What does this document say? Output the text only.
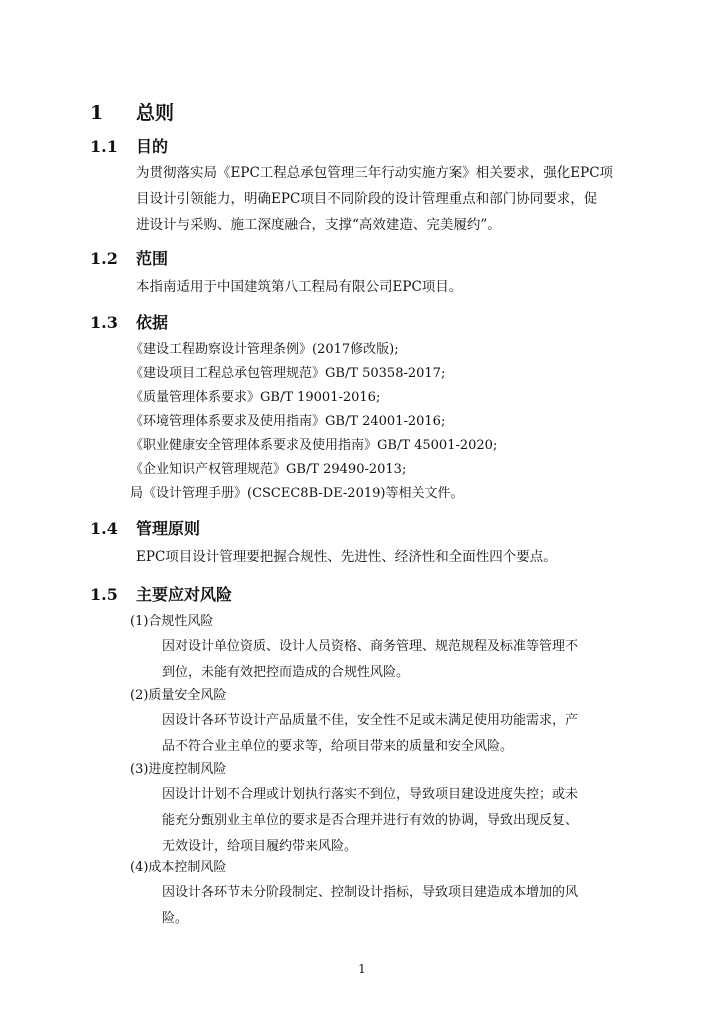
1 总则
1.1 目的
为贯彻落实局《EPC工程总承包管理三年行动实施方案》相关要求，强化EPC项
目设计引领能力，明确EPC项目不同阶段的设计管理重点和部门协同要求，促
进设计与采购、施工深度融合，支撑“高效建造、完美履约”。
1.2 范围
本指南适用于中国建筑第八工程局有限公司EPC项目。
1.3 依据
《建设工程勘察设计管理条例》(2017修改版);
《建设项目工程总承包管理规范》GB/T 50358-2017;
《质量管理体系要求》GB/T 19001-2016;
《环境管理体系要求及使用指南》GB/T 24001-2016;
《职业健康安全管理体系要求及使用指南》GB/T 45001-2020;
《企业知识产权管理规范》GB/T 29490-2013;
局《设计管理手册》(CSCEC8B-DE-2019)等相关文件。
1.4 管理原则
EPC项目设计管理要把握合规性、先进性、经济性和全面性四个要点。
1.5 主要应对风险
(1)合规性风险
因对设计单位资质、设计人员资格、商务管理、规范规程及标准等管理不
到位，未能有效把控而造成的合规性风险。
(2)质量安全风险
因设计各环节设计产品质量不佳，安全性不足或未满足使用功能需求，产
品不符合业主单位的要求等，给项目带来的质量和安全风险。
(3)进度控制风险
因设计计划不合理或计划执行落实不到位，导致项目建设进度失控；或未
能充分甄别业主单位的要求是否合理并进行有效的协调，导致出现反复、
无效设计，给项目履约带来风险。
(4)成本控制风险
因设计各环节未分阶段制定、控制设计指标，导致项目建造成本增加的风
险。
1
